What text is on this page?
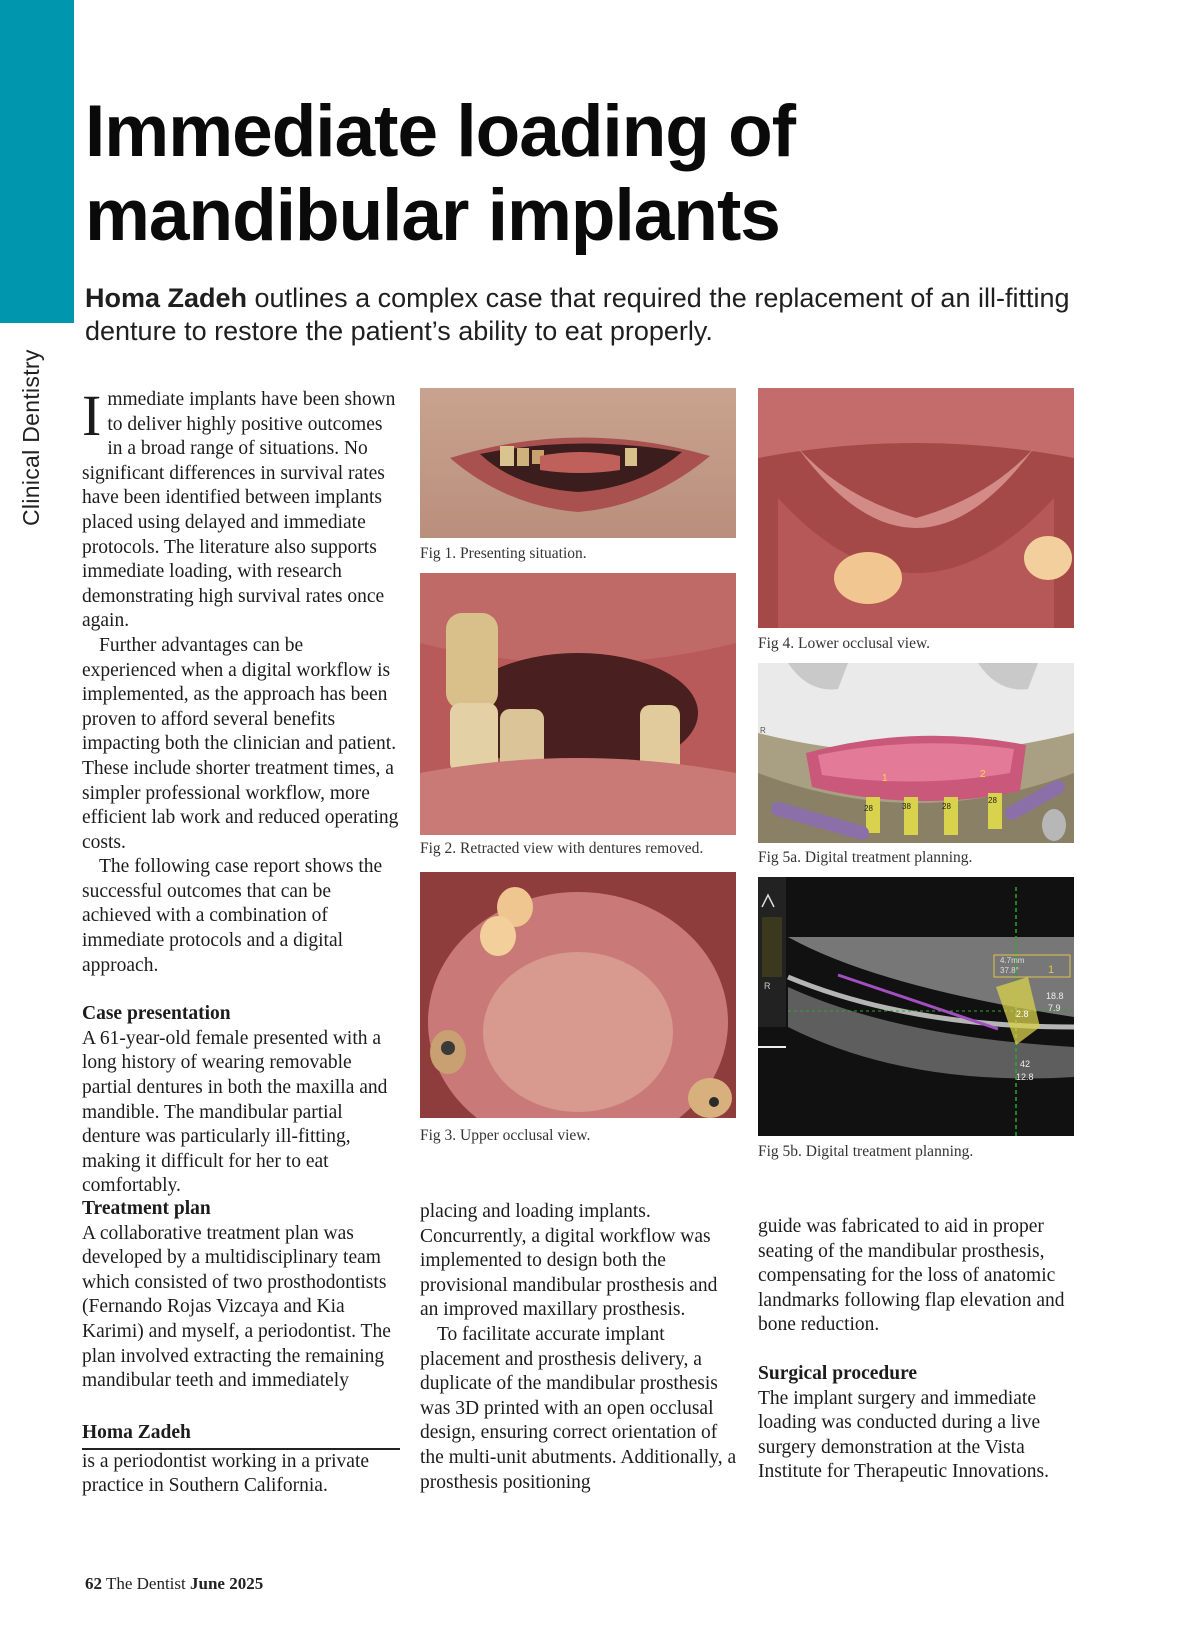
Clinical Dentistry
Immediate loading of mandibular implants
Homa Zadeh outlines a complex case that required the replacement of an ill-fitting denture to restore the patient’s ability to eat properly.

Immediate implants have been shown to deliver highly positive outcomes in a broad range of situations. No significant differences in survival rates have been identified between implants placed using delayed and immediate protocols. The literature also supports immediate loading, with research demonstrating high survival rates once again.

Further advantages can be experienced when a digital workflow is implemented, as the approach has been proven to afford several benefits impacting both the clinician and patient. These include shorter treatment times, a simpler professional workflow, more efficient lab work and reduced operating costs.

The following case report shows the successful outcomes that can be achieved with a combination of immediate protocols and a digital approach.

Case presentation

A 61-year-old female presented with a long history of wearing removable partial dentures in both the maxilla and mandible. The mandibular partial denture was particularly ill-fitting, making it difficult for her to eat comfortably.

Treatment plan

A collaborative treatment plan was developed by a multidisciplinary team which consisted of two prosthodontists (Fernando Rojas Vizcaya and Kia Karimi) and myself, a periodontist. The plan involved extracting the remaining mandibular teeth and immediately

Homa Zadeh

is a periodontist working in a private practice in Southern California.

placing and loading implants. Concurrently, a digital workflow was implemented to design both the provisional mandibular prosthesis and an improved maxillary prosthesis.

To facilitate accurate implant placement and prosthesis delivery, a duplicate of the mandibular prosthesis was 3D printed with an open occlusal design, ensuring correct orientation of the multi-unit abutments. Additionally, a prosthesis positioning

guide was fabricated to aid in proper seating of the mandibular prosthesis, compensating for the loss of anatomic landmarks following flap elevation and bone reduction.

Surgical procedure

The implant surgery and immediate loading was conducted during a live surgery demonstration at the Vista Institute for Therapeutic Innovations.

Fig 1. Presenting situation.
Fig 2. Retracted view with dentures removed.
Fig 3. Upper occlusal view.
Fig 4. Lower occlusal view.
1	2
28	38	28
28
R
Fig 5a. Digital treatment planning.
4.7mm
37.8°	1
18.8
7.9
2.8
42
12.8
R
Fig 5b. Digital treatment planning.
62 The Dentist June 2025
